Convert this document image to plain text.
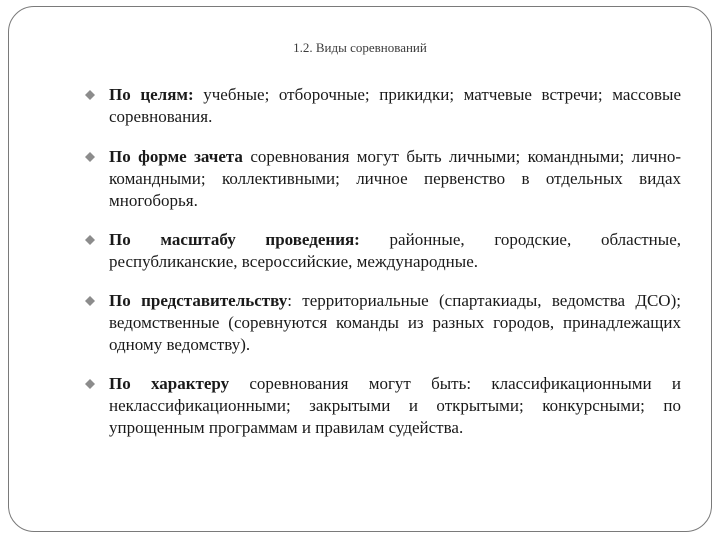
1.2. Виды соревнований
По целям: учебные; отборочные; прикидки; матчевые встречи; массовые соревнования.
По форме зачета соревнования могут быть личными; командными; лично-командными; коллективными; личное первенство в отдельных видах многоборья.
По масштабу проведения: районные, городские, областные, республиканские, всероссийские, международные.
По представительству: территориальные (спартакиады, ведомства ДСО); ведомственные (соревнуются команды из разных городов, принадлежащих одному ведомству).
По характеру соревнования могут быть: классификационными и неклассификационными; закрытыми и открытыми; конкурсными; по упрощенным программам и правилам судейства.
